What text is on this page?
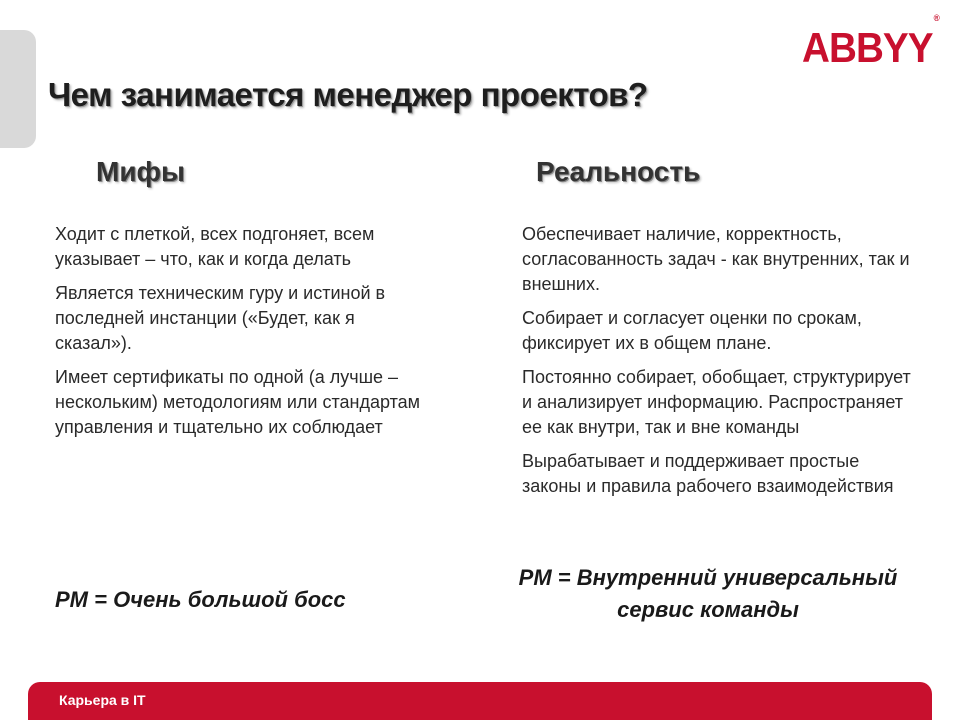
ABBYY®
Чем занимается менеджер проектов?
Мифы	Реальность

Ходит с плеткой, всех подгоняет, всем указывает – что, как и когда делать

Является техническим гуру и истиной в последней инстанции («Будет, как я сказал»).

Имеет сертификаты по одной (а лучше – нескольким) методологиям или стандартам управления и тщательно их соблюдает

Обеспечивает наличие, корректность, согласованность задач - как внутренних, так и внешних.

Собирает и согласует оценки по срокам, фиксирует их в общем плане.

Постоянно собирает, обобщает, структурирует и анализирует информацию. Распространяет ее как внутри, так и вне команды

Вырабатывает и поддерживает простые законы и правила рабочего взаимодействия

PM = Очень большой босс
PM = Внутренний универсальный сервис команды
Карьера в IT
